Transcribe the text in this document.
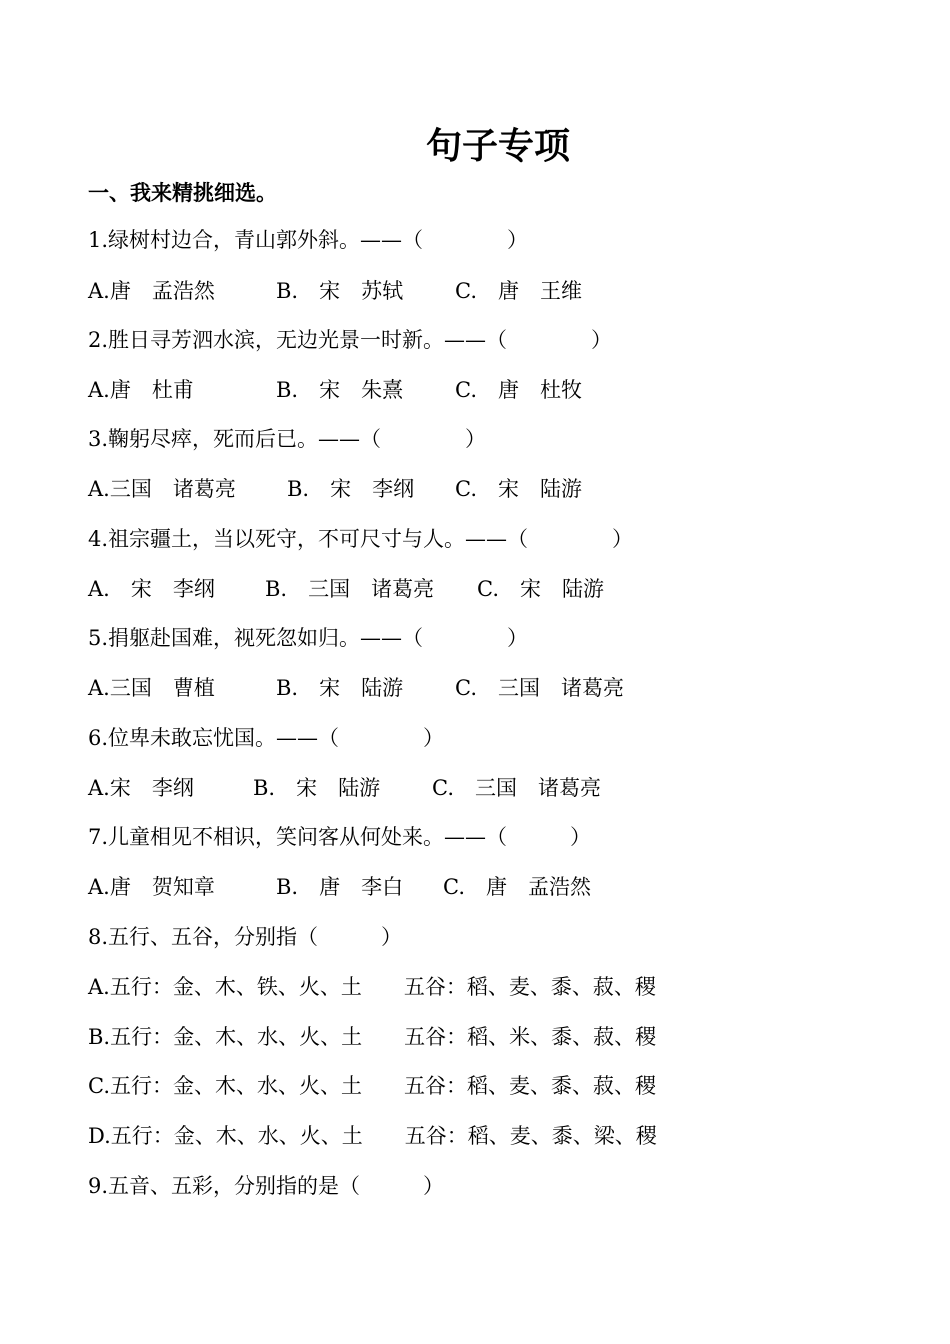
句子专项
一、我来精挑细选。
1.绿树村边合，青山郭外斜。——（　　　　）

A.唐　孟浩然

	B.　宋　苏轼

C.　唐　王维

2.胜日寻芳泗水滨，无边光景一时新。——（　　　　）

A.唐　杜甫

	B.　宋　朱熹

C.　唐　杜牧

3.鞠躬尽瘁，死而后已。——（　　　　）

A.三国　诸葛亮

B.　宋　李纲

C.　宋　陆游

4.祖宗疆土，当以死守，不可尺寸与人。——（　　　　）

A.　宋　李纲

B.　三国　诸葛亮

C.　宋　陆游

5.捐躯赴国难，视死忽如归。——（　　　　）

A.三国　曹植

	B.　宋　陆游

C.　三国　诸葛亮

6.位卑未敢忘忧国。——（　　　　）

A.宋　李纲

	B.　宋　陆游

C.　三国　诸葛亮

7.儿童相见不相识，笑问客从何处来。——（　　　）

A.唐　贺知章

	B.　唐　李白

C.　唐　孟浩然

8.五行、五谷，分别指（　　　）
A.五行：金、木、铁、火、土　　五谷：稻、麦、黍、菽、稷
B.五行：金、木、水、火、土　　五谷：稻、米、黍、菽、稷
C.五行：金、木、水、火、土　　五谷：稻、麦、黍、菽、稷
D.五行：金、木、水、火、土　　五谷：稻、麦、黍、梁、稷
9.五音、五彩，分别指的是（　　　）
